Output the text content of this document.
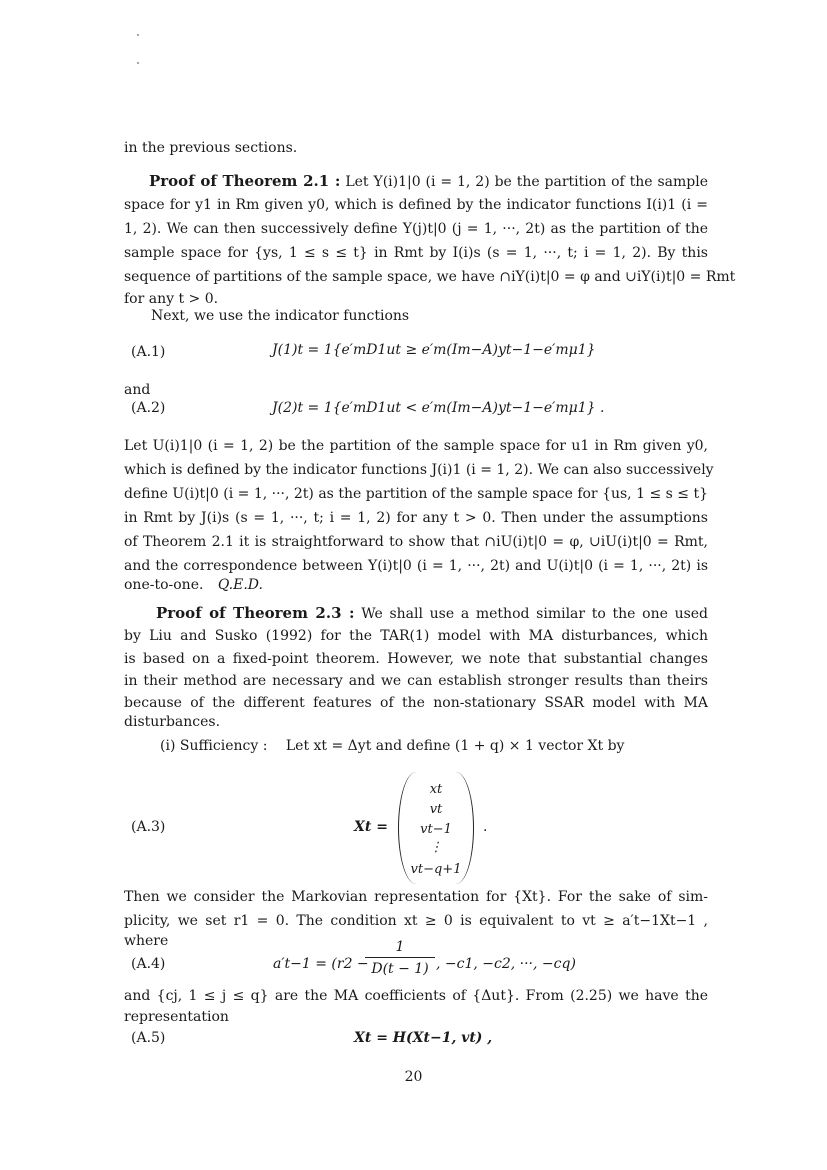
in the previous sections.
Proof of Theorem 2.1 : Let Y(i)1|0 (i = 1, 2) be the partition of the sample
space for y1 in Rm given y0, which is defined by the indicator functions I(i)1 (i =
1, 2). We can then successively define Y(j)t|0 (j = 1, ···, 2t) as the partition of the
sample space for {ys, 1 ≤ s ≤ t} in Rmt by I(i)s (s = 1, ···, t; i = 1, 2). By this
sequence of partitions of the sample space, we have ∩iY(i)t|0 = φ and ∪iY(i)t|0 = Rmt
for any t > 0.
Next, we use the indicator functions
(A.1)	J(1)t = 1{e′mD1ut ≥ e′m(Im−A)yt−1−e′mμ1}
and
(A.2)	J(2)t = 1{e′mD1ut < e′m(Im−A)yt−1−e′mμ1} .
Let U(i)1|0 (i = 1, 2) be the partition of the sample space for u1 in Rm given y0,
which is defined by the indicator functions J(i)1 (i = 1, 2). We can also successively
define U(i)t|0 (i = 1, ···, 2t) as the partition of the sample space for {us, 1 ≤ s ≤ t}
in Rmt by J(i)s (s = 1, ···, t; i = 1, 2) for any t > 0. Then under the assumptions
of Theorem 2.1 it is straightforward to show that ∩iU(i)t|0 = φ, ∪iU(i)t|0 = Rmt,
and the correspondence between Y(i)t|0 (i = 1, ···, 2t) and U(i)t|0 (i = 1, ···, 2t) is
one-to-one. Q.E.D.
Proof of Theorem 2.3 : We shall use a method similar to the one used
by Liu and Susko (1992) for the TAR(1) model with MA disturbances, which
is based on a fixed-point theorem. However, we note that substantial changes
in their method are necessary and we can establish stronger results than theirs
because of the different features of the non-stationary SSAR model with MA
disturbances.
(i) Sufficiency : Let xt = Δyt and define (1 + q) × 1 vector Xt by
(A.3)	Xt =
xt
vt
vt−1
⋮
vt−q+1
.
Then we consider the Markovian representation for {Xt}. For the sake of sim-
plicity, we set r1 = 0. The condition xt ≥ 0 is equivalent to vt ≥ a′t−1Xt−1 ,
where
(A.4)	a′t−1 = (r2 −
$\frac{1}{D(t - 1)}$ , −c1, −c2, ···, −cq)
and {cj, 1 ≤ j ≤ q} are the MA coefficients of {Δut}. From (2.25) we have the
representation
(A.5)	Xt = H(Xt−1, vt) ,
20
